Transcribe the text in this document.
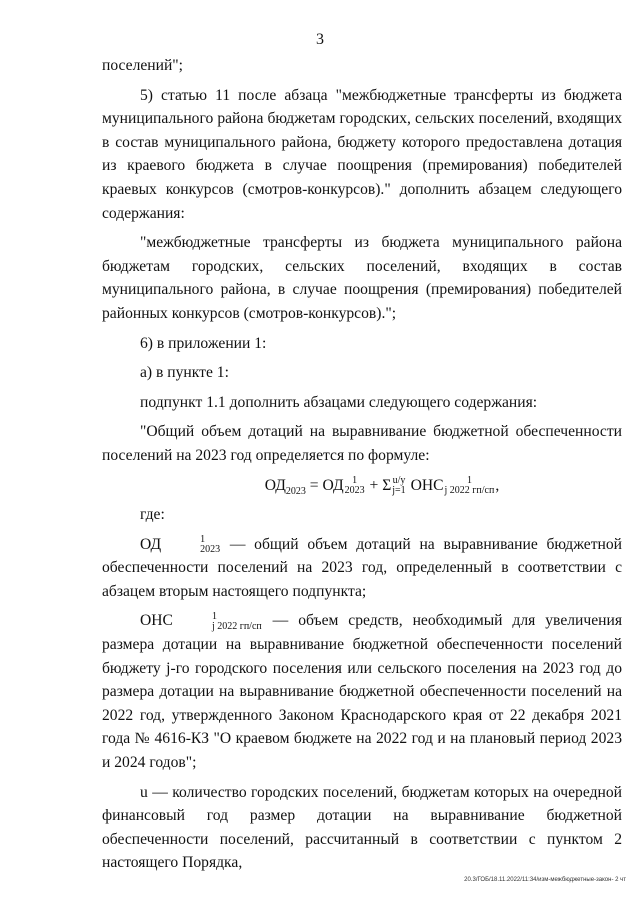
3

поселений";

5) статью 11 после абзаца "межбюджетные трансферты из бюджета муниципального района бюджетам городских, сельских поселений, входящих в состав муниципального района, бюджету которого предоставлена дотация из краевого бюджета в случае поощрения (премирования) победителей краевых конкурсов (смотров-конкурсов)." дополнить абзацем следующего содержания:

"межбюджетные трансферты из бюджета муниципального района бюджетам городских, сельских поселений, входящих в состав муниципального района, в случае поощрения (премирования) победителей районных конкурсов (смотров-конкурсов).";

6) в приложении 1:

а) в пункте 1:

подпункт 1.1 дополнить абзацами следующего содержания:

"Общий объем дотаций на выравнивание бюджетной обеспеченности поселений на 2023 год определяется по формуле:

$ОД_{2023}$ = ОД 1
2023 + Σ u/y
j=1 ОНС	1
j 2022 гп/сп ,

где:

ОД	1
2023 — общий объем дотаций на выравнивание бюджетной обеспеченности поселений на 2023 год, определенный в соответствии с абзацем вторым настоящего подпункта;

ОНС	1
j 2022 гп/сп — объем средств, необходимый для увеличения размера дотации на выравнивание бюджетной обеспеченности поселений бюджету j-го городского поселения или сельского поселения на 2023 год до размера дотации на выравнивание бюджетной обеспеченности поселений на 2022 год, утвержденного Законом Краснодарского края от 22 декабря 2021 года № 4616-КЗ "О краевом бюджете на 2022 год и на плановый период 2023 и 2024 годов";

u — количество городских поселений, бюджетам которых на очередной финансовый год размер дотации на выравнивание бюджетной обеспеченности поселений, рассчитанный в соответствии с пунктом 2 настоящего Порядка,

20.3/ГОБ/18.11.2022/11:34/изм-межбюджетные-закон- 2 чт
